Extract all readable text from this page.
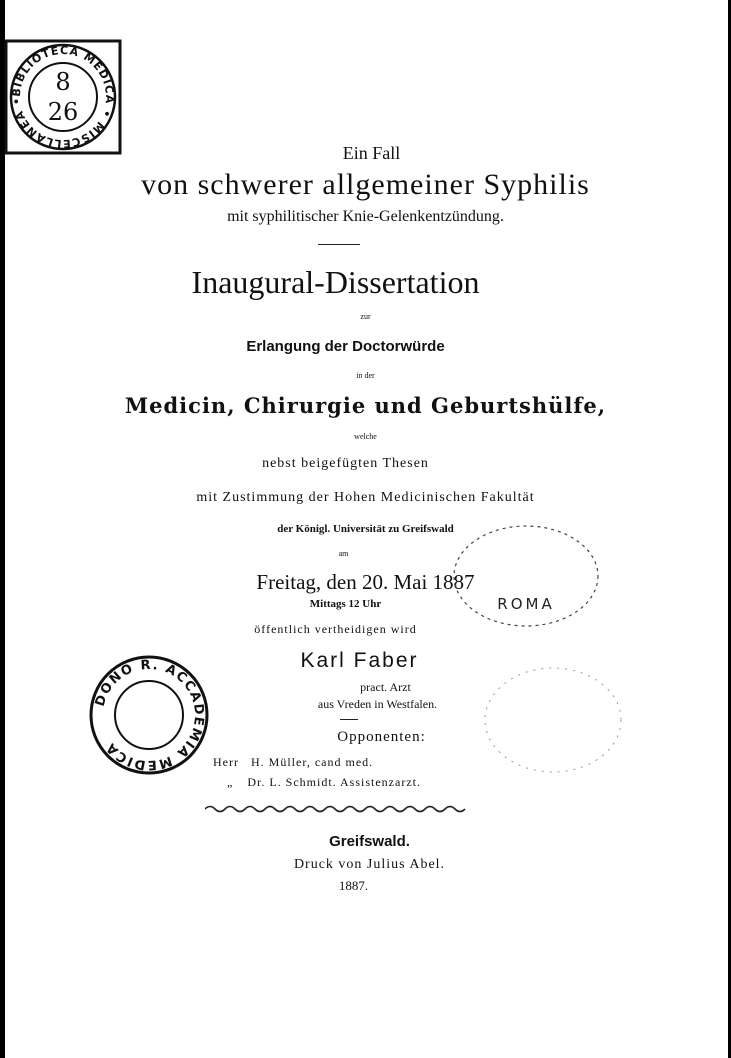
BIBLIOTECA MEDICA • MISCELLANEA •
8
26
Ein Fall
von schwerer allgemeiner Syphilis
mit syphilitischer Knie-Gelenkentzündung.
Inaugural-Dissertation
zur
Erlangung der Doctorwürde
in der
Medicin, Chirurgie und Geburtshülfe,
welche
nebst beigefügten Thesen
mit Zustimmung der Hohen Medicinischen Fakultät
der Königl. Universität zu Greifswald
am
Freitag, den 20. Mai 1887
Mittags 12 Uhr
öffentlich vertheidigen wird
Karl Faber
pract. Arzt
aus Vreden in Westfalen.
Opponenten:
Herr H. Müller, cand med.
„ Dr. L. Schmidt. Assistenzarzt.
Greifswald.
Druck von Julius Abel.
1887.
DONO R. ACCADEMIA MEDICA
ROMA
